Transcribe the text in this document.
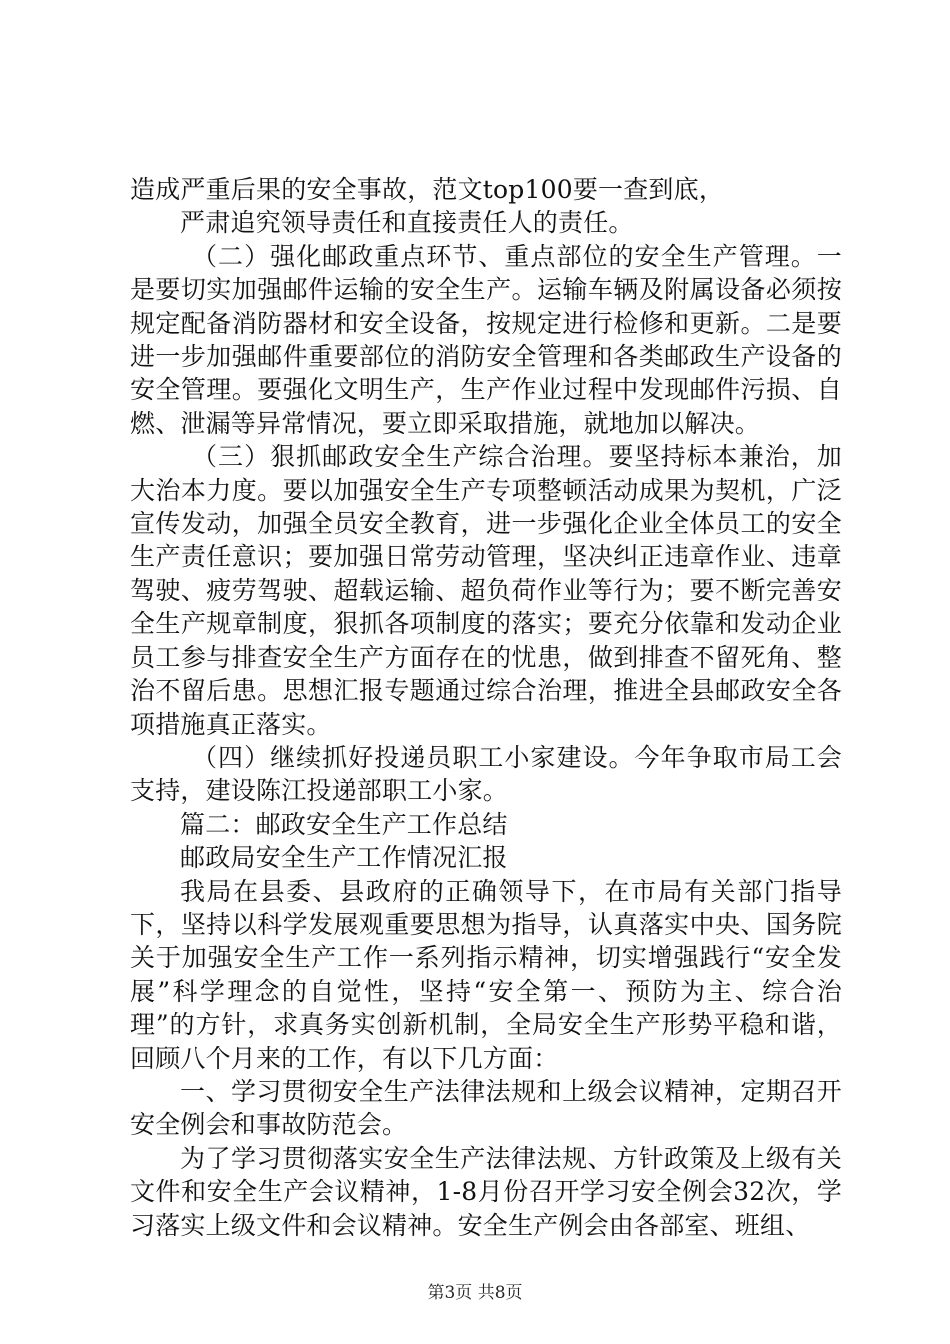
造成严重后果的安全事故，范文top100要一查到底，

严肃追究领导责任和直接责任人的责任。

（二）强化邮政重点环节、重点部位的安全生产管理。一是要切实加强邮件运输的安全生产。运输车辆及附属设备必须按规定配备消防器材和安全设备，按规定进行检修和更新。二是要进一步加强邮件重要部位的消防安全管理和各类邮政生产设备的安全管理。要强化文明生产，生产作业过程中发现邮件污损、自燃、泄漏等异常情况，要立即采取措施，就地加以解决。

（三）狠抓邮政安全生产综合治理。要坚持标本兼治，加大治本力度。要以加强安全生产专项整顿活动成果为契机，广泛宣传发动，加强全员安全教育，进一步强化企业全体员工的安全生产责任意识；要加强日常劳动管理，坚决纠正违章作业、违章驾驶、疲劳驾驶、超载运输、超负荷作业等行为；要不断完善安全生产规章制度，狠抓各项制度的落实；要充分依靠和发动企业员工参与排查安全生产方面存在的忧患，做到排查不留死角、整治不留后患。思想汇报专题通过综合治理，推进全县邮政安全各项措施真正落实。

（四）继续抓好投递员职工小家建设。今年争取市局工会支持，建设陈江投递部职工小家。

篇二：邮政安全生产工作总结

邮政局安全生产工作情况汇报

我局在县委、县政府的正确领导下，在市局有关部门指导下，坚持以科学发展观重要思想为指导，认真落实中央、国务院关于加强安全生产工作一系列指示精神，切实增强践行“安全发展”科学理念的自觉性，坚持“安全第一、预防为主、综合治理”的方针，求真务实创新机制，全局安全生产形势平稳和谐，回顾八个月来的工作，有以下几方面：

一、学习贯彻安全生产法律法规和上级会议精神，定期召开安全例会和事故防范会。

为了学习贯彻落实安全生产法律法规、方针政策及上级有关文件和安全生产会议精神，1-8月份召开学习安全例会32次，学习落实上级文件和会议精神。安全生产例会由各部室、班组、

第3页 共8页
